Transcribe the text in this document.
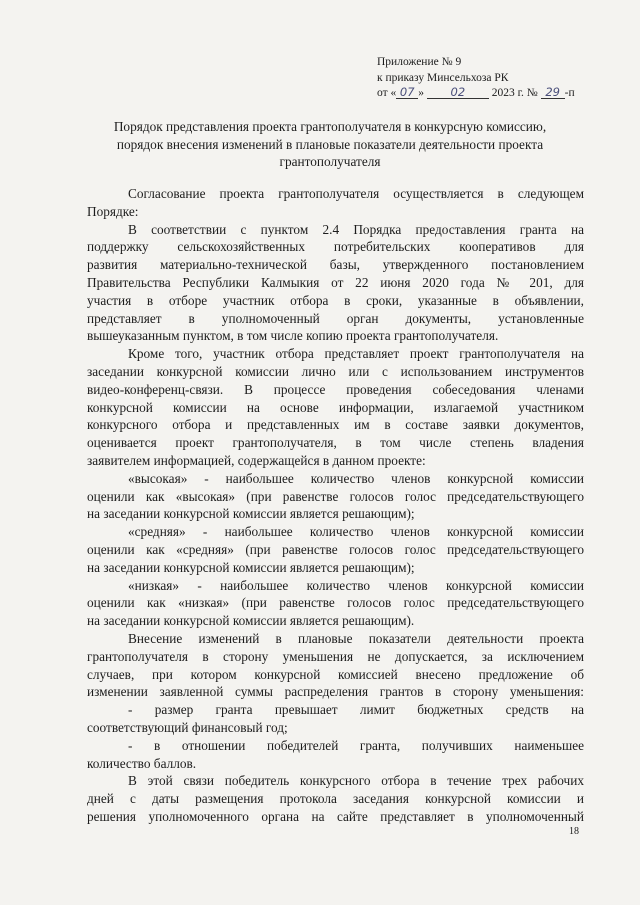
Приложение № 9
к приказу Минсельхоза РК
от « 07 » 02 2023 г. № 29 -п
Порядок представления проекта грантополучателя в конкурсную комиссию,
порядок внесения изменений в плановые показатели деятельности проекта
грантополучателя

Согласование проекта грантополучателя осуществляется в следующем

Порядке:

В соответствии с пунктом 2.4 Порядка предоставления гранта на

поддержку сельскохозяйственных потребительских кооперативов для

развития материально-технической базы, утвержденного постановлением

Правительства Республики Калмыкия от 22 июня 2020 года № 201, для

участия в отборе участник отбора в сроки, указанные в объявлении,

представляет в уполномоченный орган документы, установленные

вышеуказанным пунктом, в том числе копию проекта грантополучателя.

Кроме того, участник отбора представляет проект грантополучателя на

заседании конкурсной комиссии лично или с использованием инструментов

видео-конференц-связи. В процессе проведения собеседования членами

конкурсной комиссии на основе информации, излагаемой участником

конкурсного отбора и представленных им в составе заявки документов,

оценивается проект грантополучателя, в том числе степень владения

заявителем информацией, содержащейся в данном проекте:

«высокая» - наибольшее количество членов конкурсной комиссии

оценили как «высокая» (при равенстве голосов голос председательствующего

на заседании конкурсной комиссии является решающим);

«средняя» - наибольшее количество членов конкурсной комиссии

оценили как «средняя» (при равенстве голосов голос председательствующего

на заседании конкурсной комиссии является решающим);

«низкая» - наибольшее количество членов конкурсной комиссии

оценили как «низкая» (при равенстве голосов голос председательствующего

на заседании конкурсной комиссии является решающим).

Внесение изменений в плановые показатели деятельности проекта

грантополучателя в сторону уменьшения не допускается, за исключением

случаев, при котором конкурсной комиссией внесено предложение об

изменении заявленной суммы распределения грантов в сторону уменьшения:

- размер гранта превышает лимит бюджетных средств на

соответствующий финансовый год;

- в отношении победителей гранта, получивших наименьшее

количество баллов.

В этой связи победитель конкурсного отбора в течение трех рабочих

дней с даты размещения протокола заседания конкурсной комиссии и

решения уполномоченного органа на сайте представляет в уполномоченный

18
